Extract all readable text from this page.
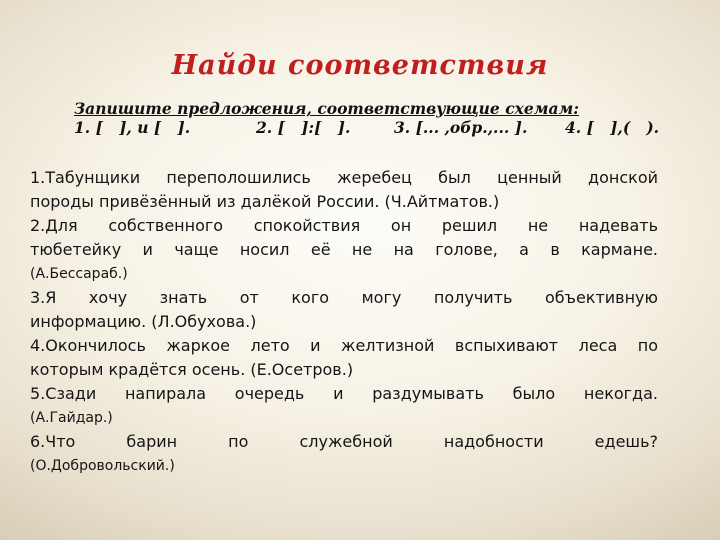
Найди соответствия
Запишите предложения, соответствующие схемам:
1. [   ], и [   ].	2. [   ]:[   ].	3. [... ,обр.,... ]. 4. [   ],(   ).

1.Табунщики переполошились жеребец был ценный донской

породы привёзённый из далёкой России. (Ч.Айтматов.)

2.Для собственного спокойствия он решил не надевать

тюбетейку и чаще носил её не на голове, а в кармане.

(А.Бессараб.)

3.Я хочу знать от кого могу получить объективную

информацию. (Л.Обухова.)

4.Окончилось жаркое лето и желтизной вспыхивают леса по

которым крадётся осень. (Е.Осетров.)

5.Сзади напирала очередь и раздумывать было некогда.

(А.Гайдар.)

6.Что барин по служебной надобности едешь?

(О.Добровольский.)
